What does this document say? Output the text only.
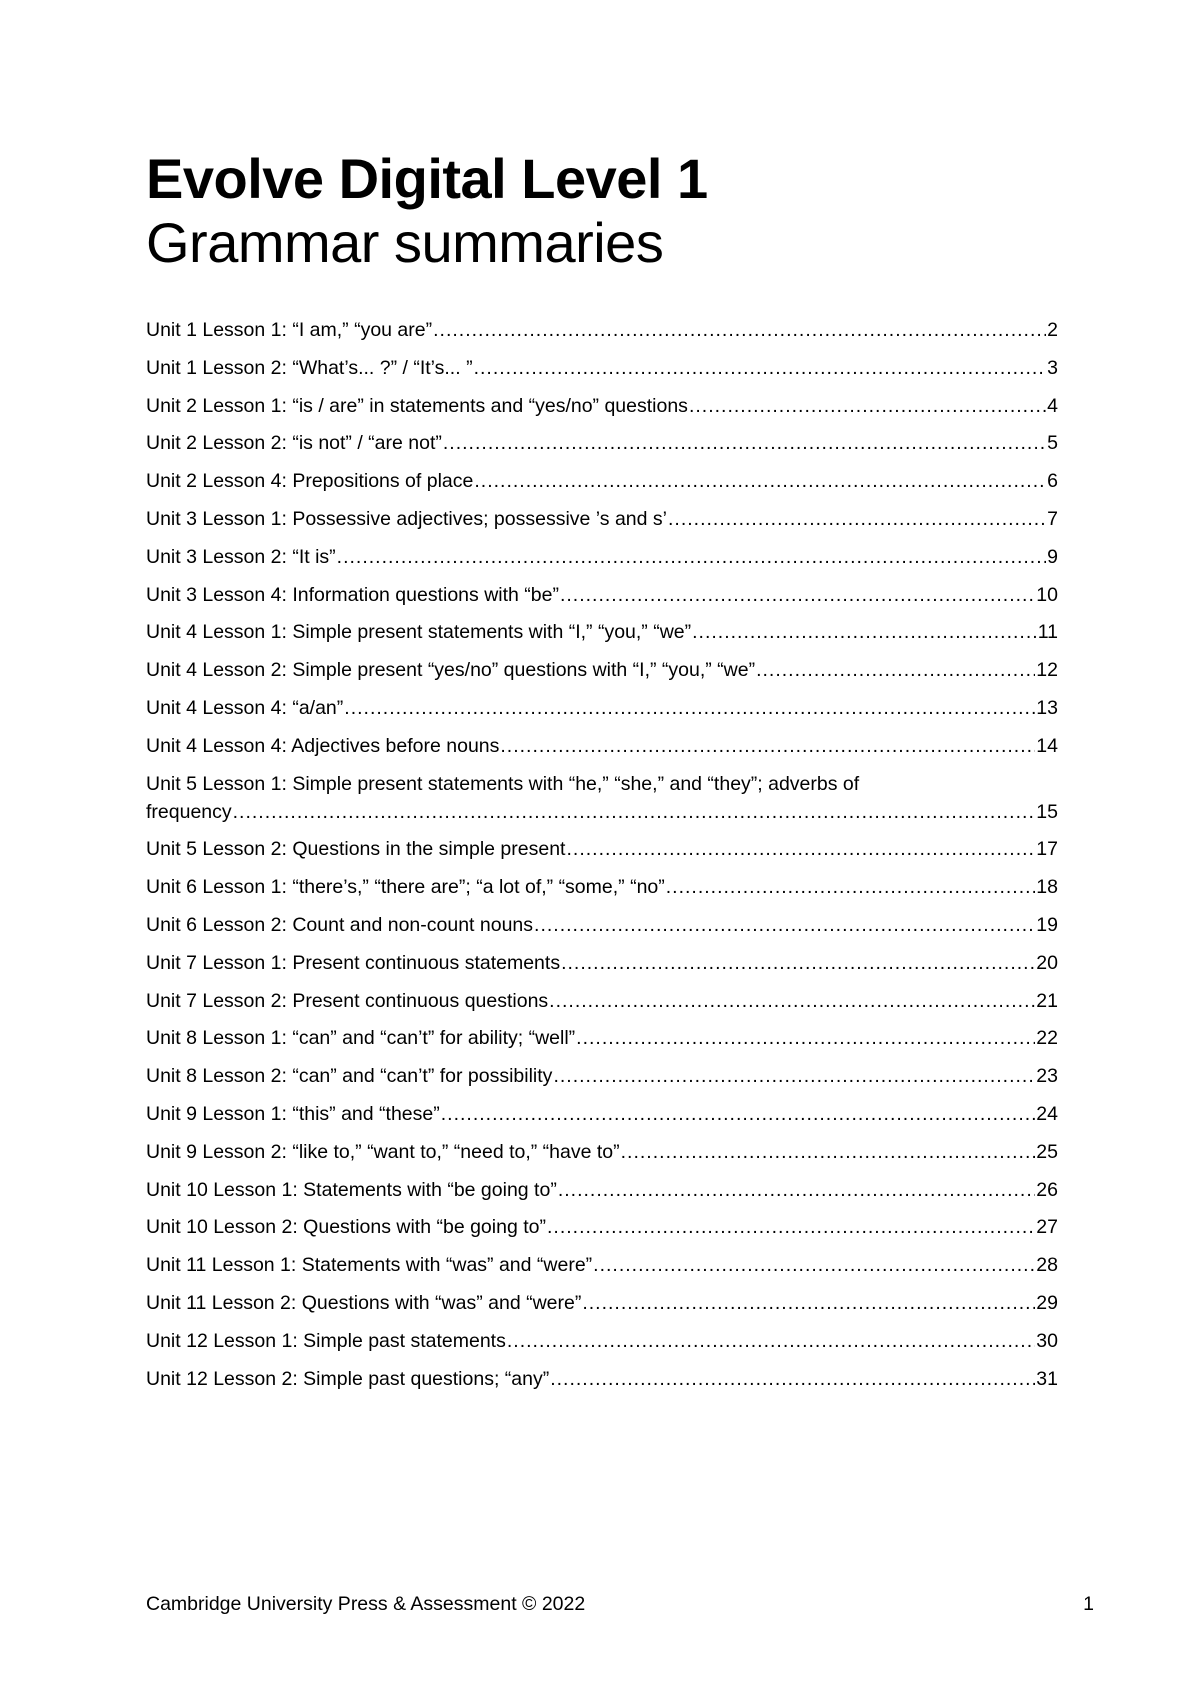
Evolve Digital Level 1
Grammar summaries
Unit 1 Lesson 1: “I am,” “you are” .....	2
Unit 1 Lesson 2: “What’s... ?” / “It’s... ” .....	3
Unit 2 Lesson 1: “is / are” in statements and “yes/no” questions .....	4
Unit 2 Lesson 2: “is not” / “are not” .....	5
Unit 2 Lesson 4: Prepositions of place .....	6
Unit 3 Lesson 1: Possessive adjectives; possessive ’s and s’ .....	7
Unit 3 Lesson 2: “It is” .....	9
Unit 3 Lesson 4: Information questions with “be” .....	10
Unit 4 Lesson 1: Simple present statements with “I,” “you,” “we” .....	11
Unit 4 Lesson 2: Simple present “yes/no” questions with “I,” “you,” “we” .....	12
Unit 4 Lesson 4: “a/an” .....	13
Unit 4 Lesson 4: Adjectives before nouns .....	14
Unit 5 Lesson 1: Simple present statements with “he,” “she,” and “they”; adverbs of
frequency .....	15
Unit 5 Lesson 2: Questions in the simple present .....	17
Unit 6 Lesson 1: “there’s,” “there are”; “a lot of,” “some,” “no” .....	18
Unit 6 Lesson 2: Count and non-count nouns .....	19
Unit 7 Lesson 1: Present continuous statements .....	20
Unit 7 Lesson 2: Present continuous questions .....	21
Unit 8 Lesson 1: “can” and “can’t” for ability; “well” .....	22
Unit 8 Lesson 2: “can” and “can’t” for possibility .....	23
Unit 9 Lesson 1: “this” and “these” .....	24
Unit 9 Lesson 2: “like to,” “want to,” “need to,” “have to” .....	25
Unit 10 Lesson 1: Statements with “be going to” .....	26
Unit 10 Lesson 2: Questions with “be going to” .....	27
Unit 11 Lesson 1: Statements with “was” and “were” .....	28
Unit 11 Lesson 2: Questions with “was” and “were” .....	29
Unit 12 Lesson 1: Simple past statements .....	30
Unit 12 Lesson 2: Simple past questions; “any” .....	31
Cambridge University Press & Assessment © 2022	1
